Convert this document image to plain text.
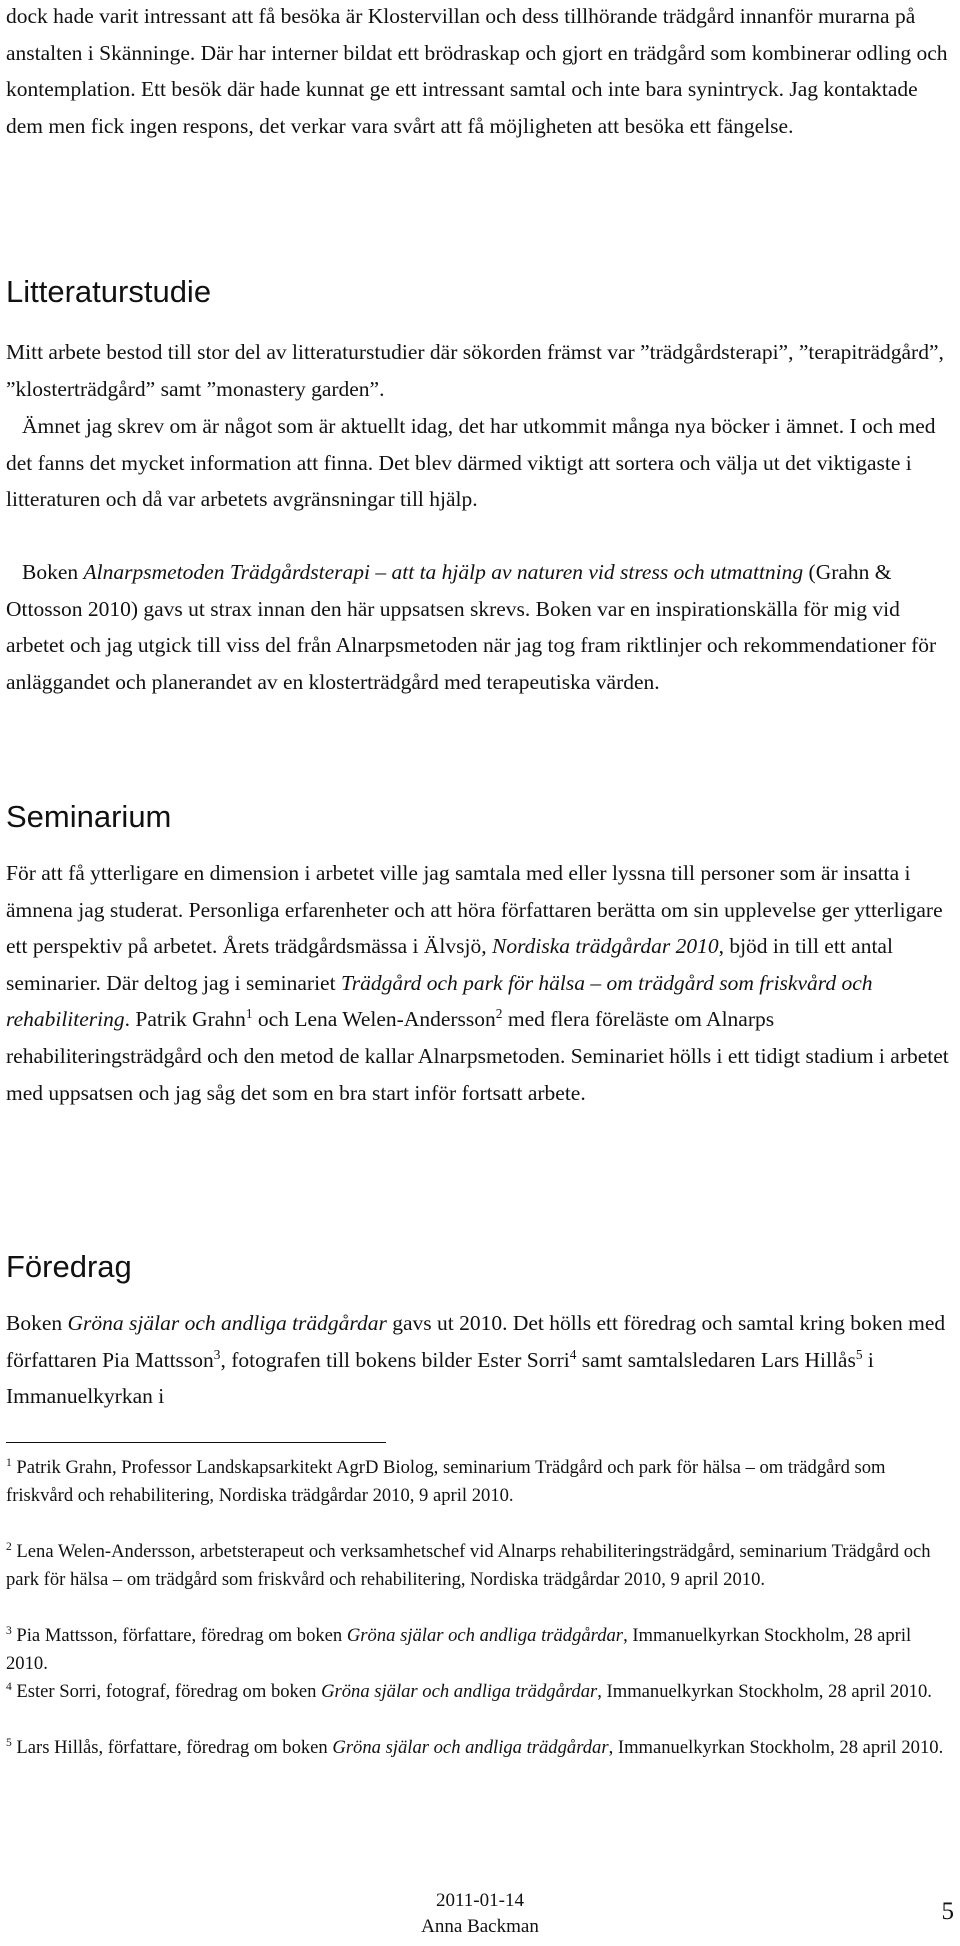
dock hade varit intressant att få besöka är Klostervillan och dess tillhörande trädgård innanför murarna på anstalten i Skänninge. Där har interner bildat ett brödraskap och gjort en trädgård som kombinerar odling och kontemplation. Ett besök där hade kunnat ge ett intressant samtal och inte bara synintryck. Jag kontaktade dem men fick ingen respons, det verkar vara svårt att få möjligheten att besöka ett fängelse.

Litteraturstudie

Mitt arbete bestod till stor del av litteraturstudier där sökorden främst var ”trädgårdsterapi”, ”terapiträdgård”, ”klosterträdgård” samt ”monastery garden”.

Ämnet jag skrev om är något som är aktuellt idag, det har utkommit många nya böcker i ämnet. I och med det fanns det mycket information att finna. Det blev därmed viktigt att sortera och välja ut det viktigaste i litteraturen och då var arbetets avgränsningar till hjälp.

Boken Alnarpsmetoden Trädgårdsterapi – att ta hjälp av naturen vid stress och utmattning (Grahn & Ottosson 2010) gavs ut strax innan den här uppsatsen skrevs. Boken var en inspirationskälla för mig vid arbetet och jag utgick till viss del från Alnarpsmetoden när jag tog fram riktlinjer och rekommendationer för anläggandet och planerandet av en klosterträdgård med terapeutiska värden.

Seminarium

För att få ytterligare en dimension i arbetet ville jag samtala med eller lyssna till personer som är insatta i ämnena jag studerat. Personliga erfarenheter och att höra författaren berätta om sin upplevelse ger ytterligare ett perspektiv på arbetet. Årets trädgårdsmässa i Älvsjö, Nordiska trädgårdar 2010, bjöd in till ett antal seminarier. Där deltog jag i seminariet Trädgård och park för hälsa – om trädgård som friskvård och rehabilitering. Patrik Grahn$^1$ och Lena Welen-Andersson$^2$ med flera föreläste om Alnarps rehabiliteringsträdgård och den metod de kallar Alnarpsmetoden. Seminariet hölls i ett tidigt stadium i arbetet med uppsatsen och jag såg det som en bra start inför fortsatt arbete.

Föredrag

Boken Gröna själar och andliga trädgårdar gavs ut 2010. Det hölls ett föredrag och samtal kring boken med författaren Pia Mattsson$^3$, fotografen till bokens bilder Ester Sorri$^4$ samt samtalsledaren Lars Hillås$^5$ i Immanuelkyrkan i

$^1$ Patrik Grahn, Professor Landskapsarkitekt AgrD Biolog, seminarium Trädgård och park för hälsa – om trädgård som friskvård och rehabilitering, Nordiska trädgårdar 2010, 9 april 2010.

$^2$ Lena Welen-Andersson, arbetsterapeut och verksamhetschef vid Alnarps rehabiliteringsträdgård, seminarium Trädgård och park för hälsa – om trädgård som friskvård och rehabilitering, Nordiska trädgårdar 2010, 9 april 2010.

$^3$ Pia Mattsson, författare, föredrag om boken Gröna själar och andliga trädgårdar, Immanuelkyrkan Stockholm, 28 april 2010.

$^4$ Ester Sorri, fotograf, föredrag om boken Gröna själar och andliga trädgårdar, Immanuelkyrkan Stockholm, 28 april 2010.

$^5$ Lars Hillås, författare, föredrag om boken Gröna själar och andliga trädgårdar, Immanuelkyrkan Stockholm, 28 april 2010.

2011-01-14

Anna Backman

5
